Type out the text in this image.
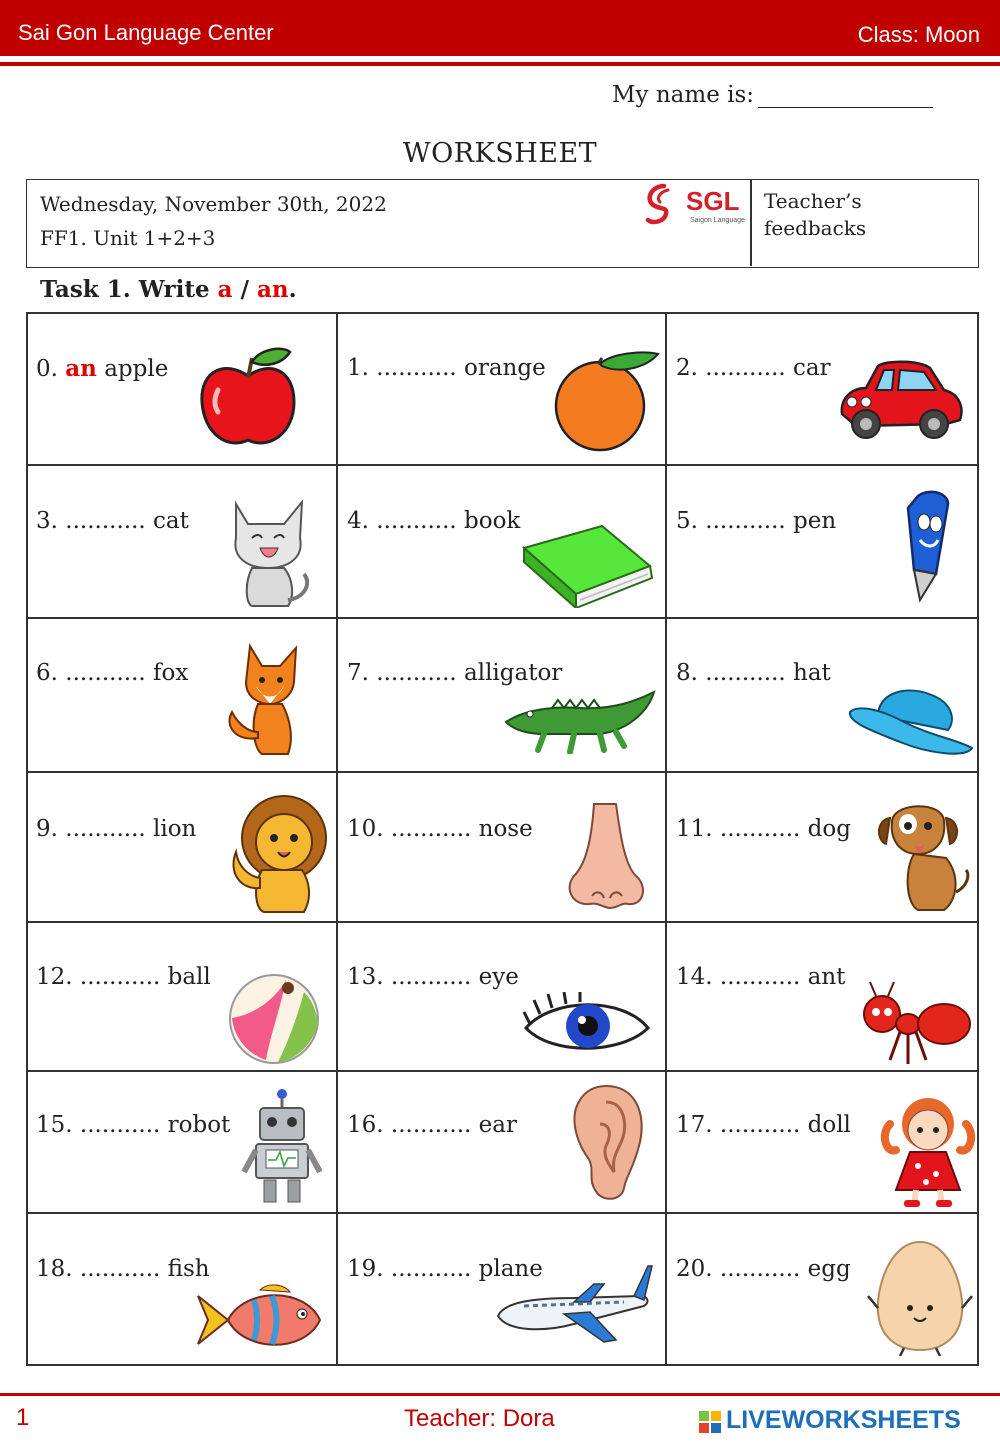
Sai Gon Language Center	Class: Moon
My name is:
WORKSHEET
Wednesday, November 30th, 2022
FF1. Unit 1+2+3
SGL
Saigon Language
Teacher’s
feedbacks
Task 1. Write a / an.
0. an apple	1. ........... orange	2. ........... car
3. ........... cat	4. ........... book	5. ........... pen
6. ........... fox	7. ........... alligator	8. ........... hat
9. ........... lion	10. ........... nose	11. ........... dog
12. ........... ball	13. ........... eye	14. ........... ant
15. ........... robot	16. ........... ear	17. ........... doll
18. ........... fish	19. ........... plane	20. ........... egg
1	Teacher: Dora	LIVEWORKSHEETS
